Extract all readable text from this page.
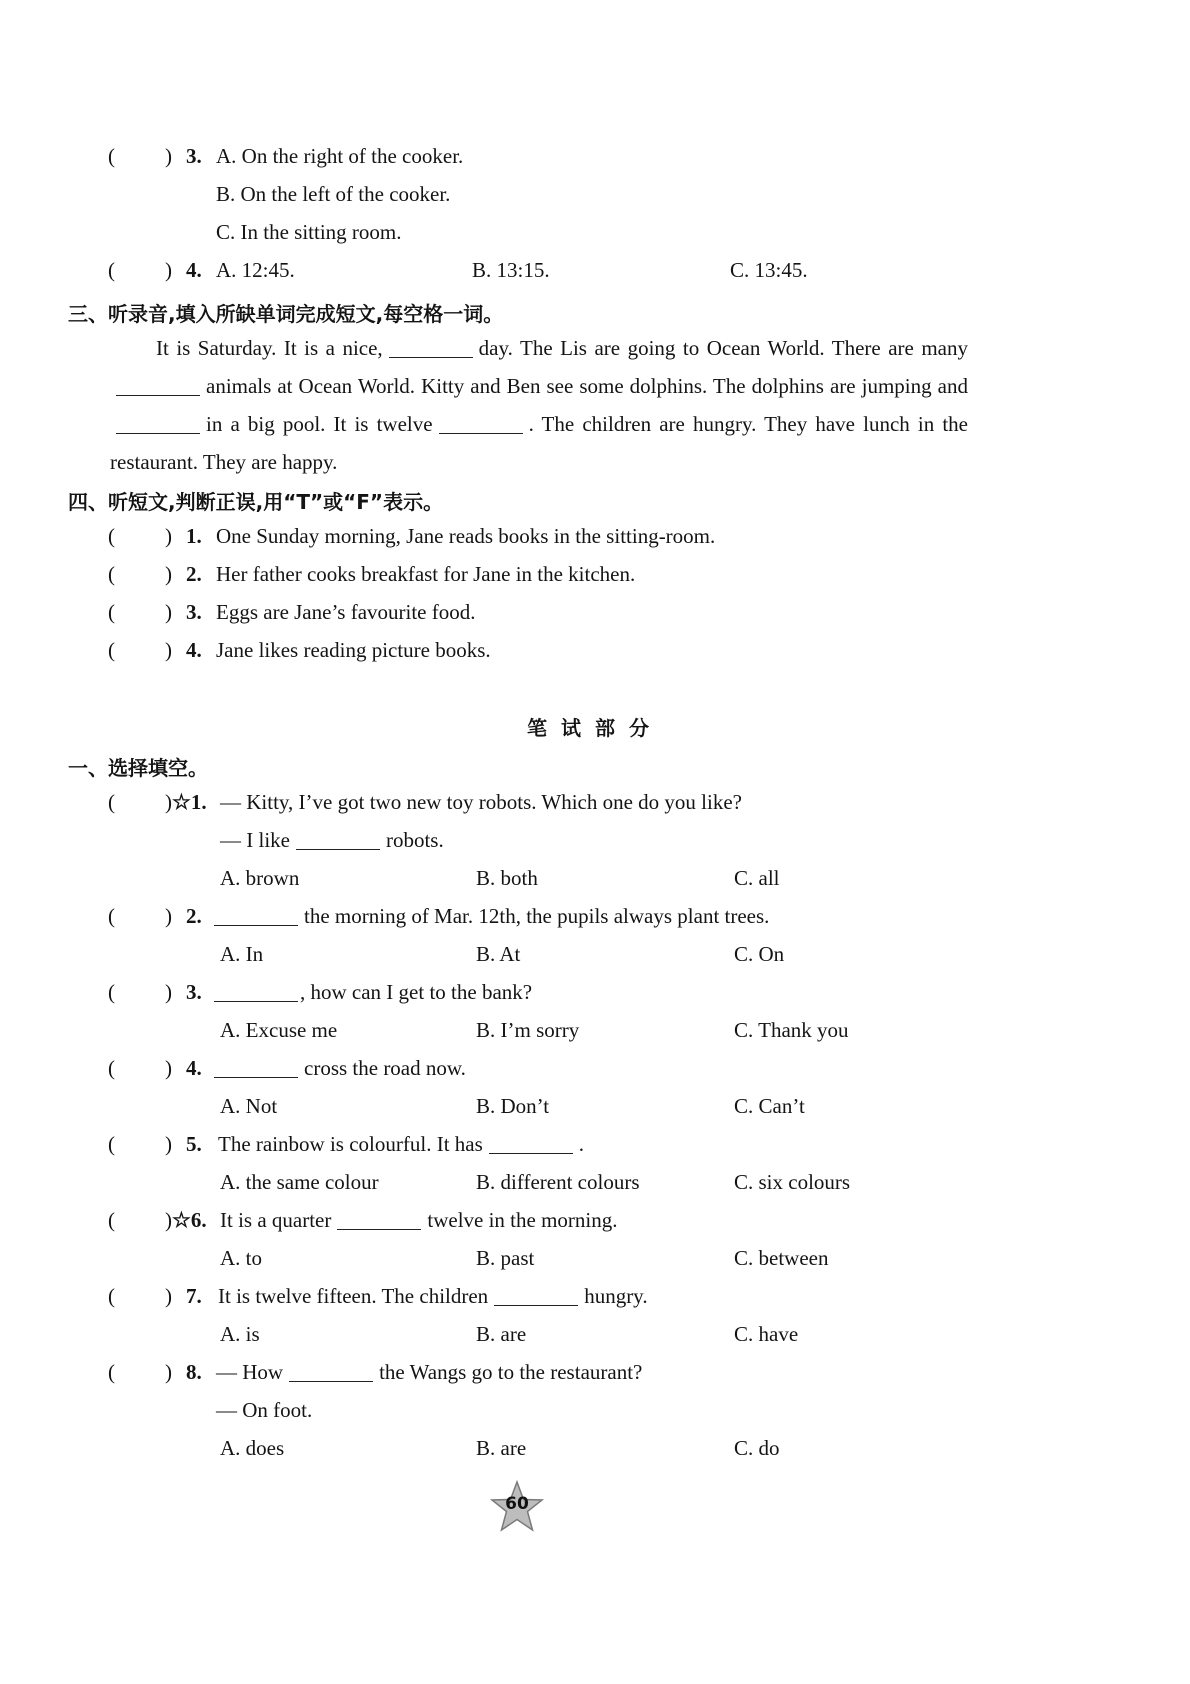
( ) 3. A. On the right of the cooker.
B. On the left of the cooker.
C. In the sitting room.
( ) 4. A. 12:45.	B. 13:15.	C. 13:45.
三、听录音,填入所缺单词完成短文,每空格一词。

It is Saturday. It is a nice,	day. The Lis are going to Ocean World. There are manyanimals at Ocean World. Kitty and Ben see some dolphins. The dolphins are jumping andin a big pool. It is twelve	. The children are hungry. They have lunch in the restaurant. They are happy.

四、听短文,判断正误,用“T”或“F”表示。
( ) 1. One Sunday morning, Jane reads books in the sitting-room.
( ) 2. Her father cooks breakfast for Jane in the kitchen.
( ) 3. Eggs are Jane’s favourite food.
( ) 4. Jane likes reading picture books.
笔试部分
一、选择填空。
( ) ☆1. — Kitty, I’ve got two new toy robots. Which one do you like?
— I like	robots.
A. brown	B. both	C. all
( ) 2.	the morning of Mar. 12th, the pupils always plant trees.
A. In	B. At	C. On
( ) 3.	, how can I get to the bank?
A. Excuse me	B. I’m sorry	C. Thank you
( ) 4.	cross the road now.
A. Not	B. Don’t	C. Can’t
( ) 5. The rainbow is colourful. It has	.
A. the same colour	B. different colours	C. six colours
( ) ☆6. It is a quarter	twelve in the morning.
A. to	B. past	C. between
( ) 7. It is twelve fifteen. The children	hungry.
A. is	B. are	C. have
( ) 8. — How	the Wangs go to the restaurant?
— On foot.
A. does	B. are	C. do
60
